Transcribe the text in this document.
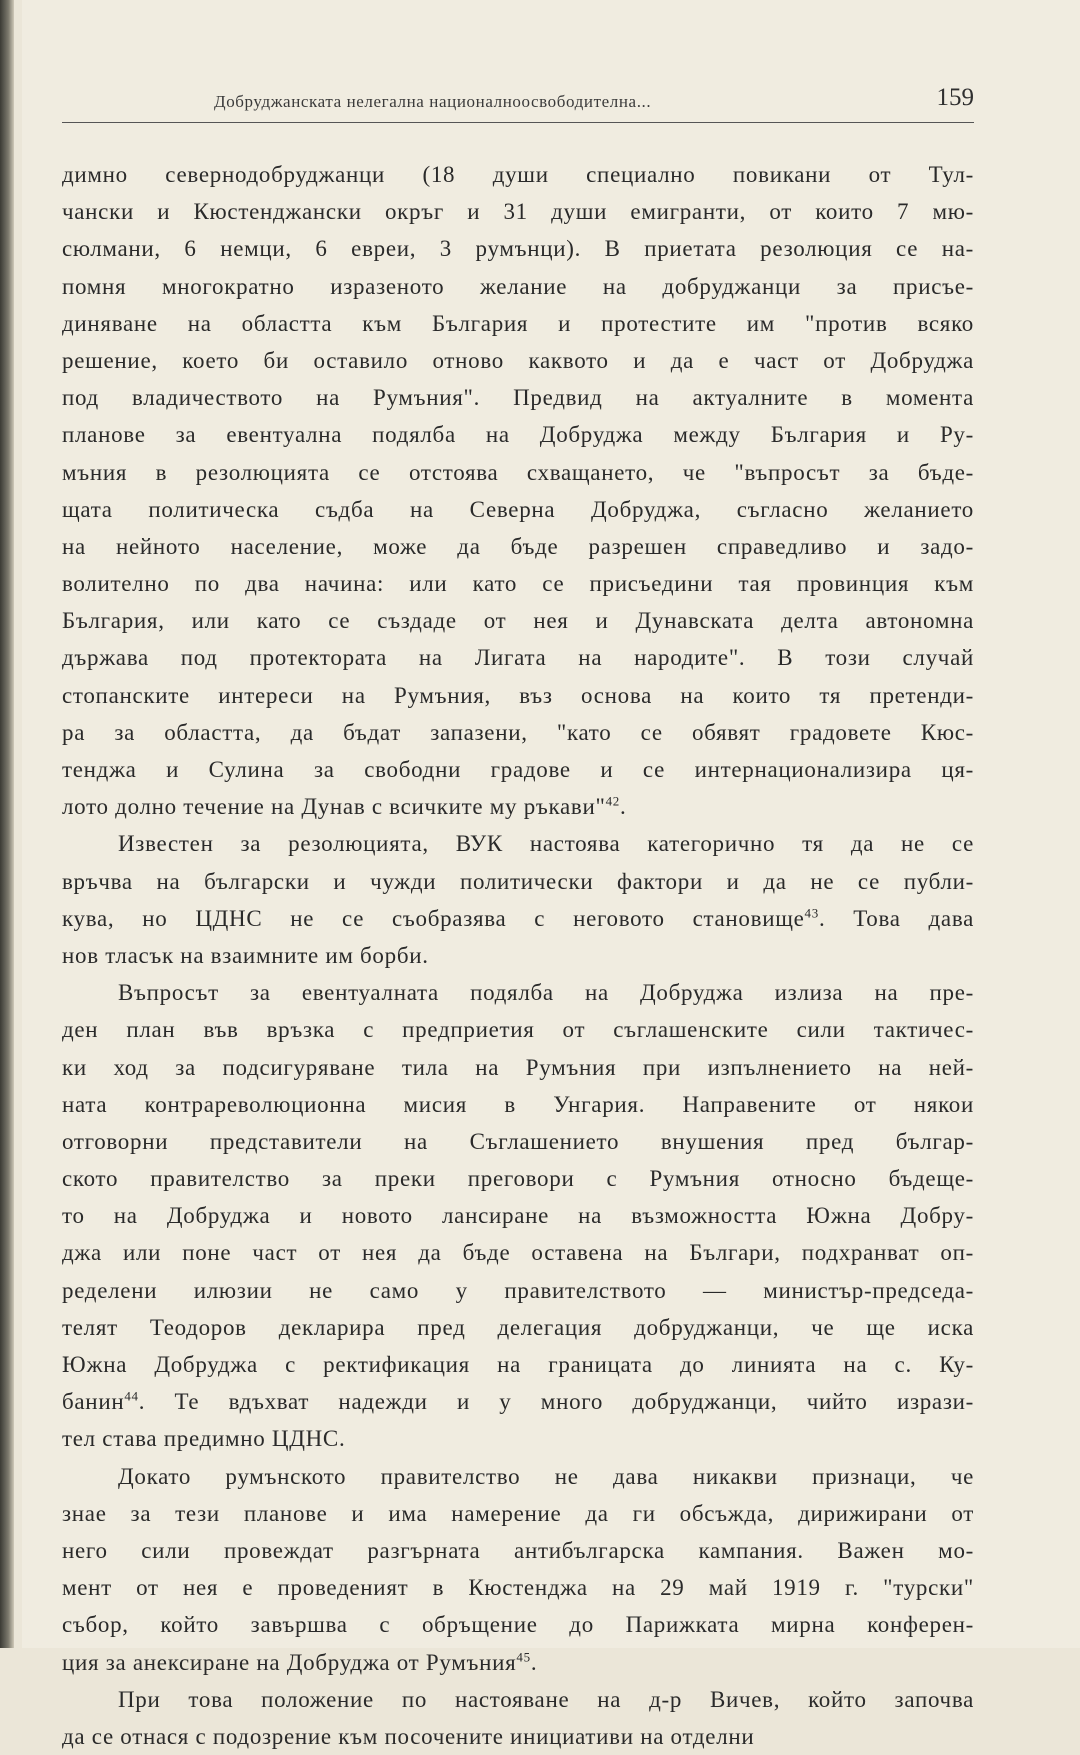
Добруджанската нелегална националноосвободителна...	159
димно севернодобруджанци (18 души специално повикани от Тул-
чански и Кюстенджански окръг и 31 души емигранти, от които 7 мю-
сюлмани, 6 немци, 6 евреи, 3 румънци). В приетата резолюция се на-
помня многократно изразеното желание на добруджанци за присъе-
диняване на областта към България и протестите им "против всяко
решение, което би оставило отново каквото и да е част от Добруджа
под владичеството на Румъния". Предвид на актуалните в момента
планове за евентуална подялба на Добруджа между България и Ру-
мъния в резолюцията се отстоява схващането, че "въпросът за бъде-
щата политическа съдба на Северна Добруджа, съгласно желанието
на нейното население, може да бъде разрешен справедливо и задо-
волително по два начина: или като се присъедини тая провинция към
България, или като се създаде от нея и Дунавската делта автономна
държава под протектората на Лигата на народите". В този случай
стопанските интереси на Румъния, въз основа на които тя претенди-
ра за областта, да бъдат запазени, "като се обявят градовете Кюс-
тенджа и Сулина за свободни градове и се интернационализира ця-
лото долно течение на Дунав с всичките му ръкави"$^{42}$.
Известен за резолюцията, ВУК настоява категорично тя да не се
връчва на български и чужди политически фактори и да не се публи-
кува, но ЦДНС не се съобразява с неговото становище$^{43}$. Това дава
нов тласък на взаимните им борби.
Въпросът за евентуалната подялба на Добруджа излиза на пре-
ден план във връзка с предприетия от съглашенските сили тактичес-
ки ход за подсигуряване тила на Румъния при изпълнението на ней-
ната контрареволюционна мисия в Унгария. Направените от някои
отговорни представители на Съглашението внушения пред българ-
ското правителство за преки преговори с Румъния относно бъдеще-
то на Добруджа и новото лансиране на възможността Южна Добру-
джа или поне част от нея да бъде оставена на Българи, подхранват оп-
ределени илюзии не само у правителството — министър-председа-
телят Теодоров декларира пред делегация добруджанци, че ще иска
Южна Добруджа с ректификация на границата до линията на с. Ку-
банин$^{44}$. Те вдъхват надежди и у много добруджанци, чийто изрази-
тел става предимно ЦДНС.
Докато румънското правителство не дава никакви признаци, че
знае за тези планове и има намерение да ги обсъжда, дирижирани от
него сили провеждат разгърната антибългарска кампания. Важен мо-
мент от нея е проведеният в Кюстенджа на 29 май 1919 г. "турски"
събор, който завършва с обръщение до Парижката мирна конферен-
ция за анексиране на Добруджа от Румъния$^{45}$.
При това положение по настояване на д-р Вичев, който започва
да се отнася с подозрение към посочените инициативи на отделни
